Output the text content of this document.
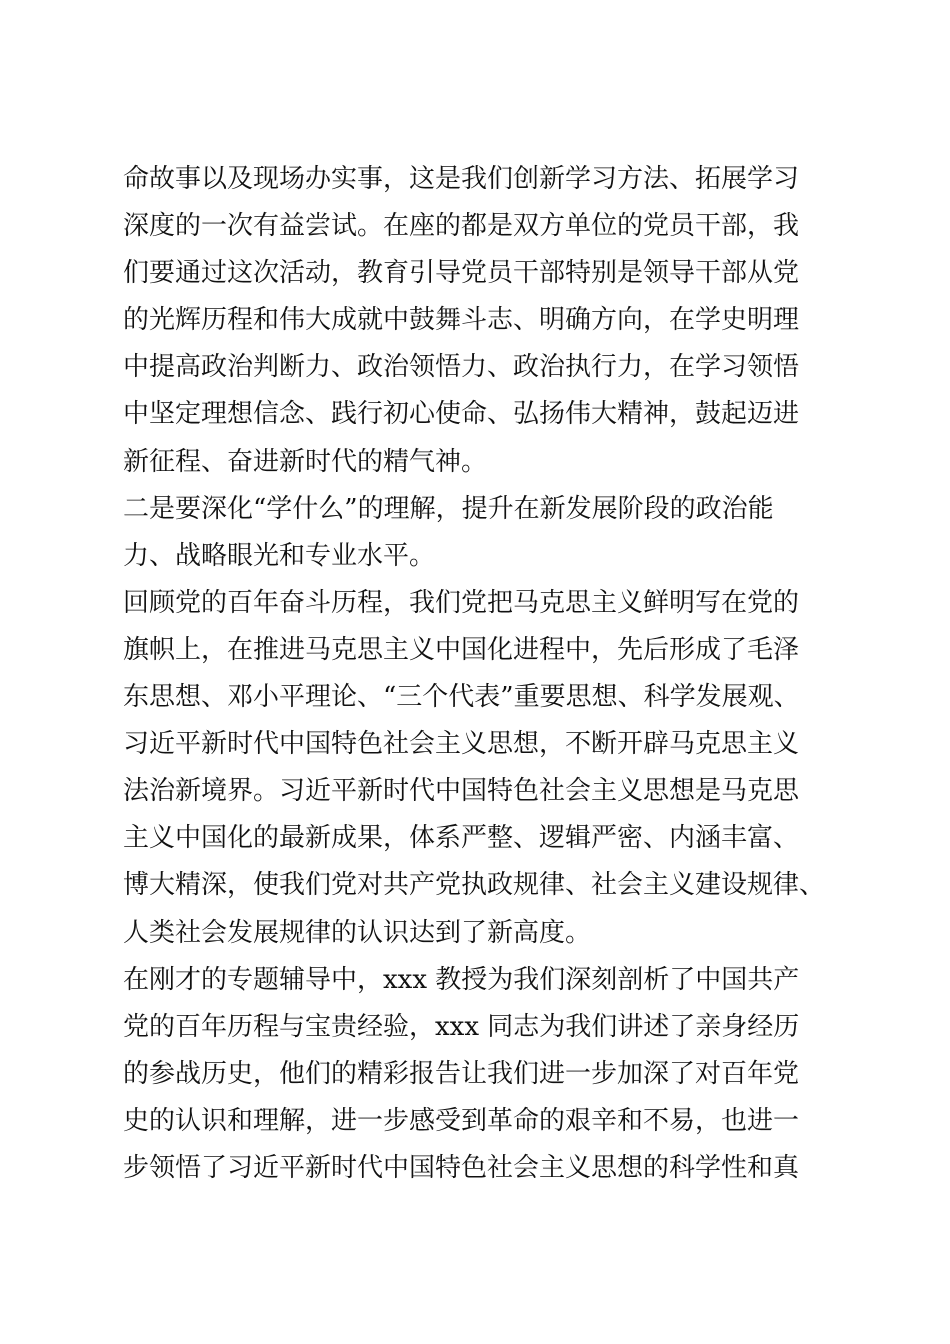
命故事以及现场办实事，这是我们创新学习方法、拓展学习
深度的一次有益尝试。在座的都是双方单位的党员干部，我
们要通过这次活动，教育引导党员干部特别是领导干部从党
的光辉历程和伟大成就中鼓舞斗志、明确方向，在学史明理
中提高政治判断力、政治领悟力、政治执行力，在学习领悟
中坚定理想信念、践行初心使命、弘扬伟大精神，鼓起迈进
新征程、奋进新时代的精气神。
二是要深化“学什么”的理解，提升在新发展阶段的政治能
力、战略眼光和专业水平。
回顾党的百年奋斗历程，我们党把马克思主义鲜明写在党的
旗帜上，在推进马克思主义中国化进程中，先后形成了毛泽
东思想、邓小平理论、“三个代表”重要思想、科学发展观、
习近平新时代中国特色社会主义思想，不断开辟马克思主义
法治新境界。习近平新时代中国特色社会主义思想是马克思
主义中国化的最新成果，体系严整、逻辑严密、内涵丰富、
博大精深，使我们党对共产党执政规律、社会主义建设规律、
人类社会发展规律的认识达到了新高度。
在刚才的专题辅导中，xxx 教授为我们深刻剖析了中国共产
党的百年历程与宝贵经验，xxx 同志为我们讲述了亲身经历
的参战历史，他们的精彩报告让我们进一步加深了对百年党
史的认识和理解，进一步感受到革命的艰辛和不易，也进一
步领悟了习近平新时代中国特色社会主义思想的科学性和真
